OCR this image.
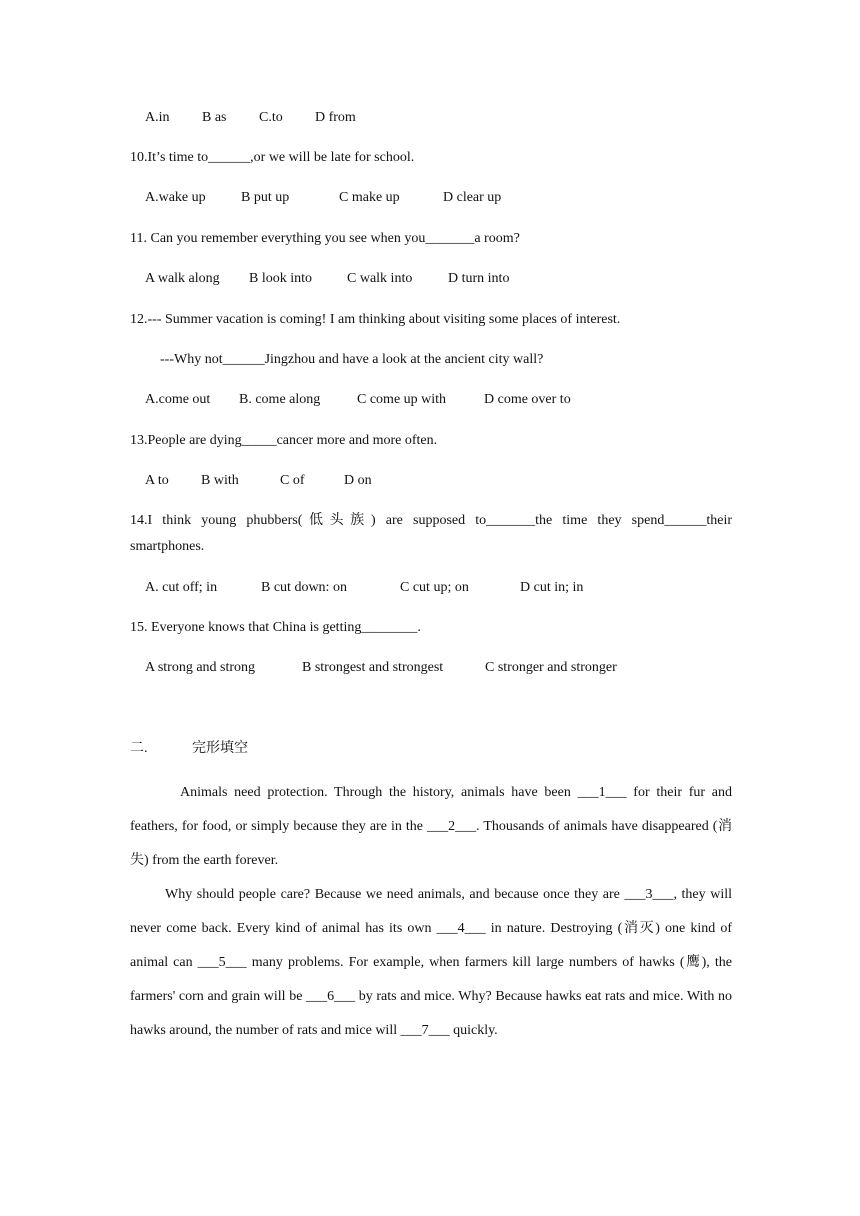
A.in B as C.to D from
10.It’s time to______,or we will be late for school.
A.wake up	B put up	C make up	D clear up
11. Can you remember everything you see when you_______a room?
A walk along B look into C walk into	D turn into
12.--- Summer vacation is coming! I am thinking about visiting some places of interest.
---Why not______Jingzhou and have a look at the ancient city wall?
A.come out B. come along	C come up with	D come over to
13.People are dying_____cancer more and more often.
A to B with	C of	D on
14.I think young phubbers(低头族) are supposed to_______the time they spend______their
smartphones.
A. cut off; in	B cut down: on	C cut up; on	D cut in; in
15. Everyone knows that China is getting________.
A strong and strong	B strongest and strongest	C stronger and stronger
二.	完形填空
Animals need protection. Through the history, animals have been ___1___ for their fur and feathers, for food, or simply because they are in the ___2___. Thousands of animals have disappeared (消失) from the earth forever.
Why should people care? Because we need animals, and because once they are ___3___, they will never come back. Every kind of animal has its own ___4___ in nature. Destroying (消灭) one kind of animal can ___5___ many problems. For example, when farmers kill large numbers of hawks (鹰), the farmers' corn and grain will be ___6___ by rats and mice. Why? Because hawks eat rats and mice. With no hawks around, the number of rats and mice will ___7___ quickly.
